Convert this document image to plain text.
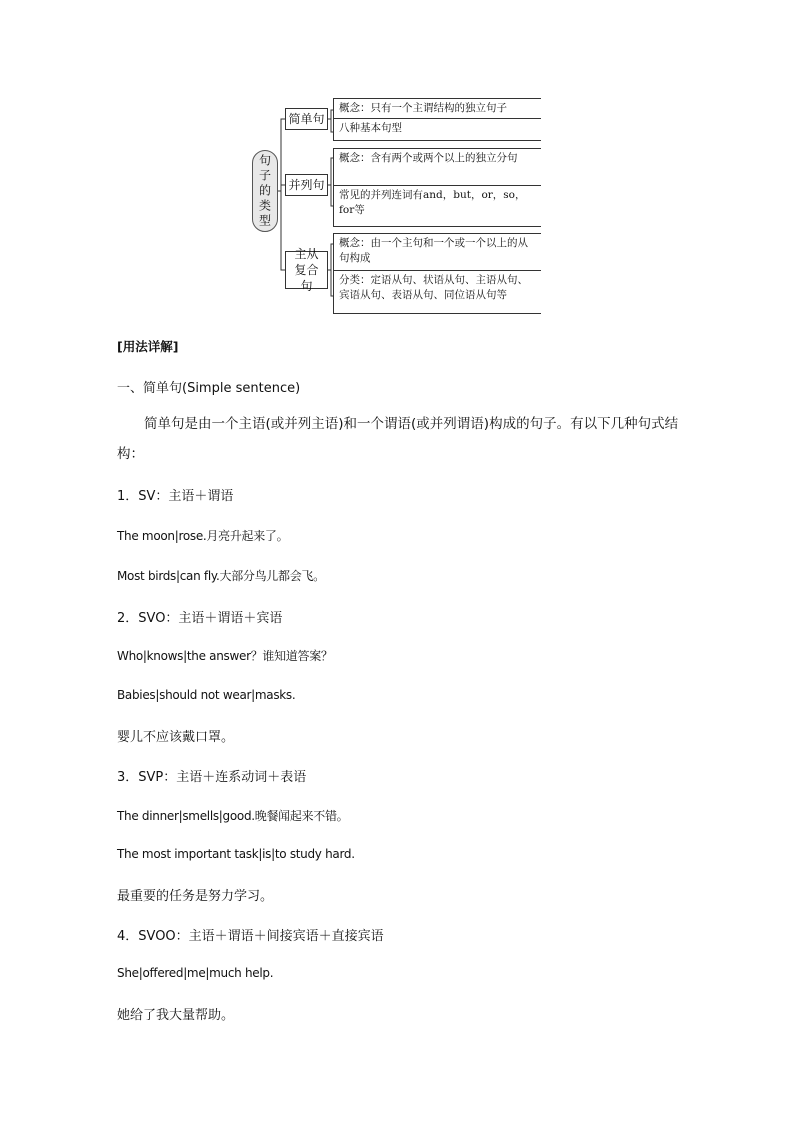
句子的类型
简单句
并列句
主从复合句
概念：只有一个主谓结构的独立句子
八种基本句型
概念：含有两个或两个以上的独立分句
常见的并列连词有and，but，or，so，for等
概念：由一个主句和一个或一个以上的从句构成
分类：定语从句、状语从句、主语从句、宾语从句、表语从句、同位语从句等
[用法详解]
一、简单句(Simple sentence)
简单句是由一个主语(或并列主语)和一个谓语(或并列谓语)构成的句子。有以下几种句式结构：
1．SV：主语＋谓语
The moon|rose.月亮升起来了。
Most birds|can fly.大部分鸟儿都会飞。
2．SVO：主语＋谓语＋宾语
Who|knows|the answer？谁知道答案？
Babies|should not wear|masks.
婴儿不应该戴口罩。
3．SVP：主语＋连系动词＋表语
The dinner|smells|good.晚餐闻起来不错。
The most important task|is|to study hard.
最重要的任务是努力学习。
4．SVOO：主语＋谓语＋间接宾语＋直接宾语
She|offered|me|much help.
她给了我大量帮助。
